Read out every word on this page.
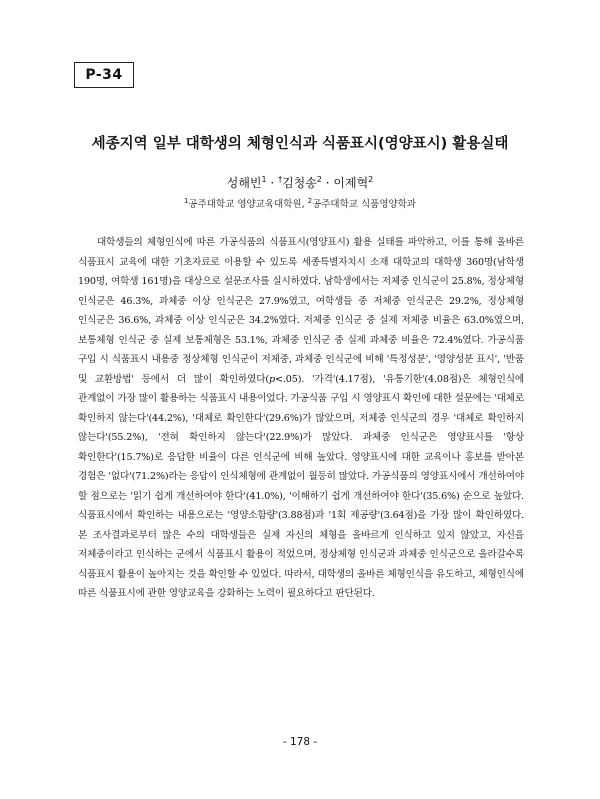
P-34
세종지역 일부 대학생의 체형인식과 식품표시(영양표시) 활용실태
성해빈$^1$ · †김청송$^2$ · 이제혁$^2$
$^1$공주대학교 영양교육대학원, $^2$공주대학교 식품영양학과
대학생들의 체형인식에 따른 가공식품의 식품표시(영양표시) 활용 실태를 파악하고, 이를 통해 올바른 식품표시 교육에 대한 기초자료로 이용할 수 있도록 세종특별자치시 소재 대학교의 대학생 360명(남학생 190명, 여학생 161명)을 대상으로 설문조사를 실시하였다. 남학생에서는 저체중 인식군이 25.8%, 정상체형 인식군은 46.3%, 과체중 이상 인식군은 27.9%였고, 여학생들 중 저체중 인식군은 29.2%, 정상체형 인식군은 36.6%, 과체중 이상 인식군은 34.2%였다. 저체중 인식군 중 실제 저체중 비율은 63.0%였으며, 보통체형 인식군 중 실제 보통체형은 53.1%, 과체중 인식군 중 실제 과체중 비율은 72.4%였다. 가공식품 구입 시 식품표시 내용중 정상체형 인식군이 저체중, 과체중 인식군에 비해 '특정성분', '영양성분 표시', '반품 및 교환방법' 등에서 더 많이 확인하였다(p<.05). '가격'(4.17점), '유통기한'(4.08점)은 체형인식에 관계없이 가장 많이 활용하는 식품표시 내용이었다. 가공식품 구입 시 영양표시 확인에 대한 설문에는 '대체로 확인하지 않는다'(44.2%), '대체로 확인한다'(29.6%)가 많았으며, 저체중 인식군의 경우 '대체로 확인하지 않는다'(55.2%), '전혀 확인하지 않는다'(22.9%)가 많았다. 과체중 인식군은 영양표시를 '항상 확인한다'(15.7%)로 응답한 비율이 다른 인식군에 비해 높았다. 영양표시에 대한 교육이나 홍보를 받아본 경험은 '없다'(71.2%)라는 응답이 인식체형에 관계없이 월등히 많았다. 가공식품의 영양표시에서 개선하여야 할 점으로는 '읽기 쉽게 개선하여야 한다'(41.0%), '이해하기 쉽게 개선하여야 한다'(35.6%) 순으로 높았다. 식품표시에서 확인하는 내용으로는 '영양소함량'(3.88점)과 '1회 제공량'(3.64점)을 가장 많이 확인하였다. 본 조사결과로부터 많은 수의 대학생들은 실제 자신의 체형을 올바르게 인식하고 있지 않았고, 자신을 저체중이라고 인식하는 군에서 식품표시 활용이 적었으며, 정상체형 인식군과 과체중 인식군으로 올라갈수록 식품표시 활용이 높아지는 것을 확인할 수 있었다. 따라서, 대학생의 올바른 체형인식을 유도하고, 체형인식에 따른 식품표시에 관한 영양교육을 강화하는 노력이 필요하다고 판단된다.
- 178 -
